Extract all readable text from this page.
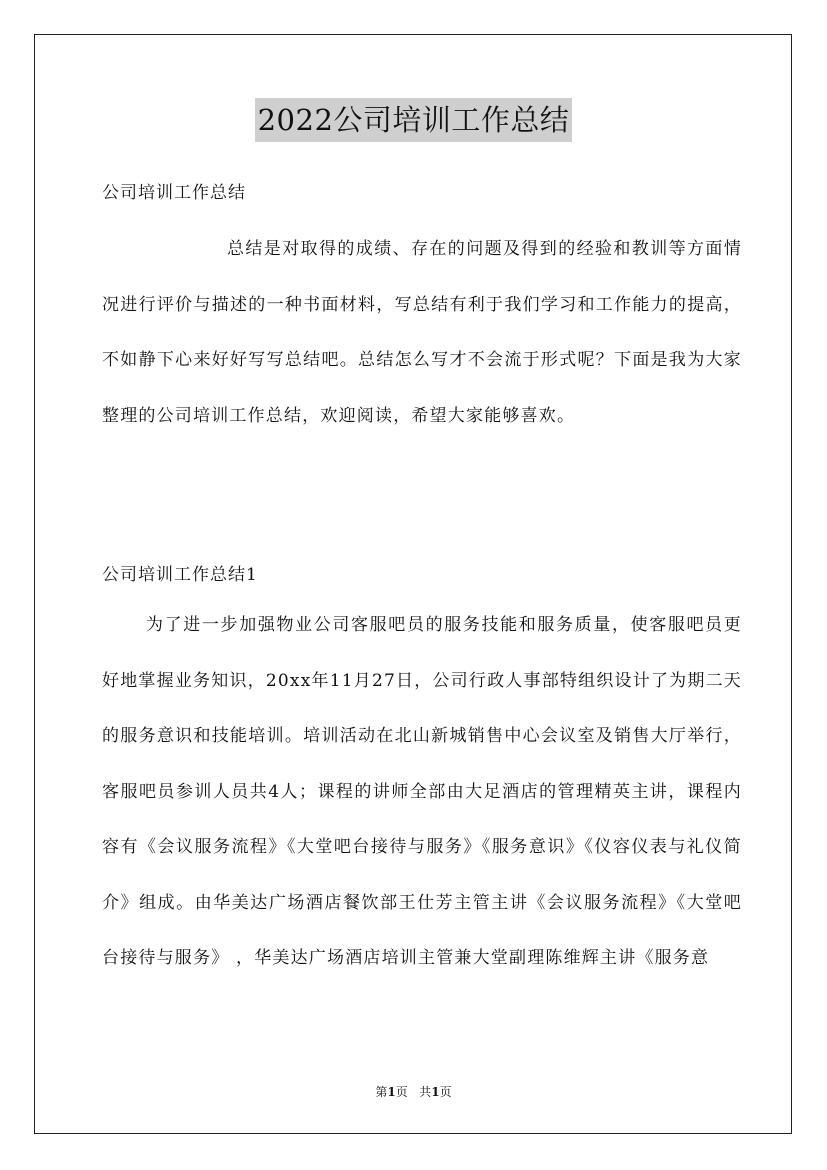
2022公司培训工作总结
公司培训工作总结

总结是对取得的成绩、存在的问题及得到的经验和教训等方面情况进行评价与描述的一种书面材料，写总结有利于我们学习和工作能力的提高，不如静下心来好好写写总结吧。总结怎么写才不会流于形式呢？下面是我为大家整理的公司培训工作总结，欢迎阅读，希望大家能够喜欢。

公司培训工作总结1

为了进一步加强物业公司客服吧员的服务技能和服务质量，使客服吧员更好地掌握业务知识，20xx年11月27日，公司行政人事部特组织设计了为期二天的服务意识和技能培训。培训活动在北山新城销售中心会议室及销售大厅举行，客服吧员参训人员共4人；课程的讲师全部由大足酒店的管理精英主讲，课程内容有《会议服务流程》《大堂吧台接待与服务》《服务意识》《仪容仪表与礼仪简介》组成。由华美达广场酒店餐饮部王仕芳主管主讲《会议服务流程》《大堂吧台接待与服务》 ，华美达广场酒店培训主管兼大堂副理陈维辉主讲《服务意

第1页 共1页
